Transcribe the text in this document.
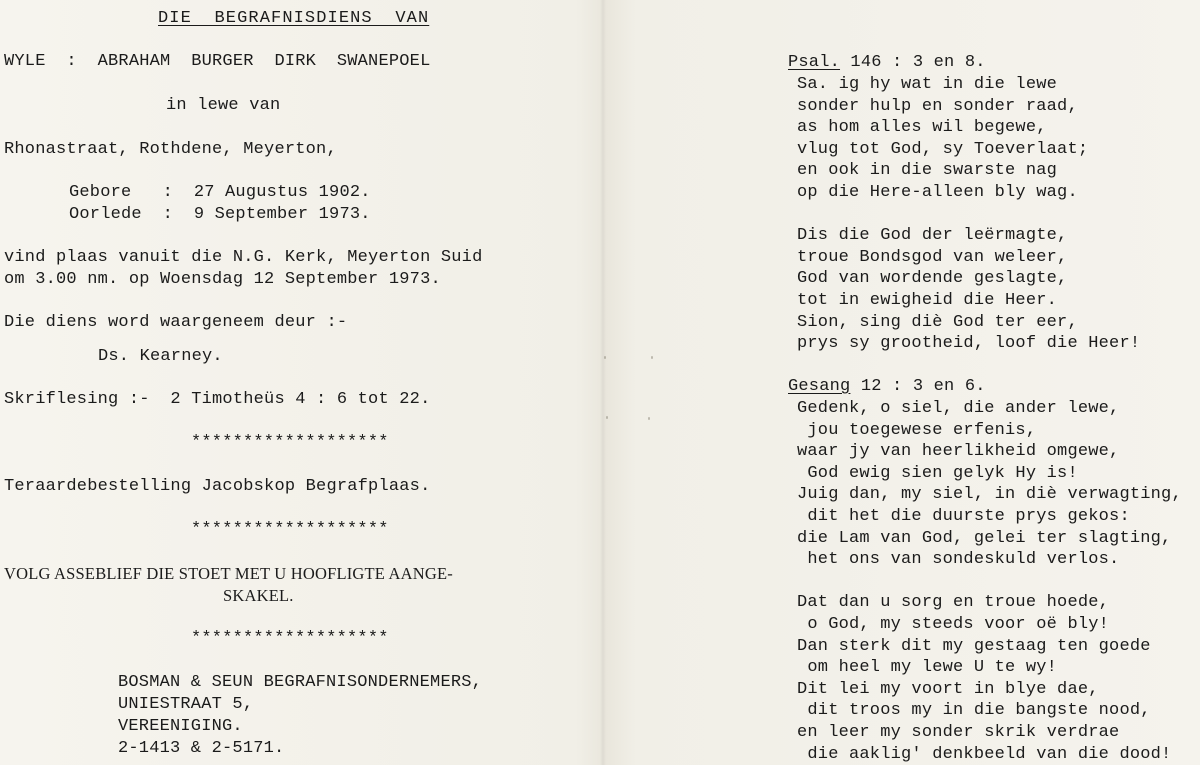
DIE  BEGRAFNISDIENS  VAN
WYLE  :  ABRAHAM  BURGER  DIRK  SWANEPOEL
in lewe van
Rhonastraat, Rothdene, Meyerton,
Gebore   :  27 Augustus 1902.
Oorlede  :  9 September 1973.
vind plaas vanuit die N.G. Kerk, Meyerton Suid
om 3.00 nm. op Woensdag 12 September 1973.
Die diens word waargeneem deur :-
Ds. Kearney.
Skriflesing :-  2 Timotheüs 4 : 6 tot 22.
*******************
Teraardebestelling Jacobskop Begrafplaas.
*******************
VOLG ASSEBLIEF DIE STOET MET U HOOFLIGTE AANGE-
SKAKEL.
*******************
BOSMAN & SEUN BEGRAFNISONDERNEMERS,
UNIESTRAAT 5,
VEREENIGING.
2-1413 & 2-5171.
Psal. 146 : 3 en 8.
Sa. ig hy wat in die lewe
sonder hulp en sonder raad,
as hom alles wil begewe,
vlug tot God, sy Toeverlaat;
en ook in die swarste nag
op die Here-alleen bly wag.
Dis die God der leërmagte,
troue Bondsgod van weleer,
God van wordende geslagte,
tot in ewigheid die Heer.
Sion, sing diè God ter eer,
prys sy grootheid, loof die Heer!
Gesang 12 : 3 en 6.
Gedenk, o siel, die ander lewe,
jou toegewese erfenis,
waar jy van heerlikheid omgewe,
God ewig sien gelyk Hy is!
Juig dan, my siel, in diè verwagting,
dit het die duurste prys gekos:
die Lam van God, gelei ter slagting,
het ons van sondeskuld verlos.
Dat dan u sorg en troue hoede,
o God, my steeds voor oë bly!
Dan sterk dit my gestaag ten goede
om heel my lewe U te wy!
Dit lei my voort in blye dae,
dit troos my in die bangste nood,
en leer my sonder skrik verdrae
die aaklig' denkbeeld van die dood!
